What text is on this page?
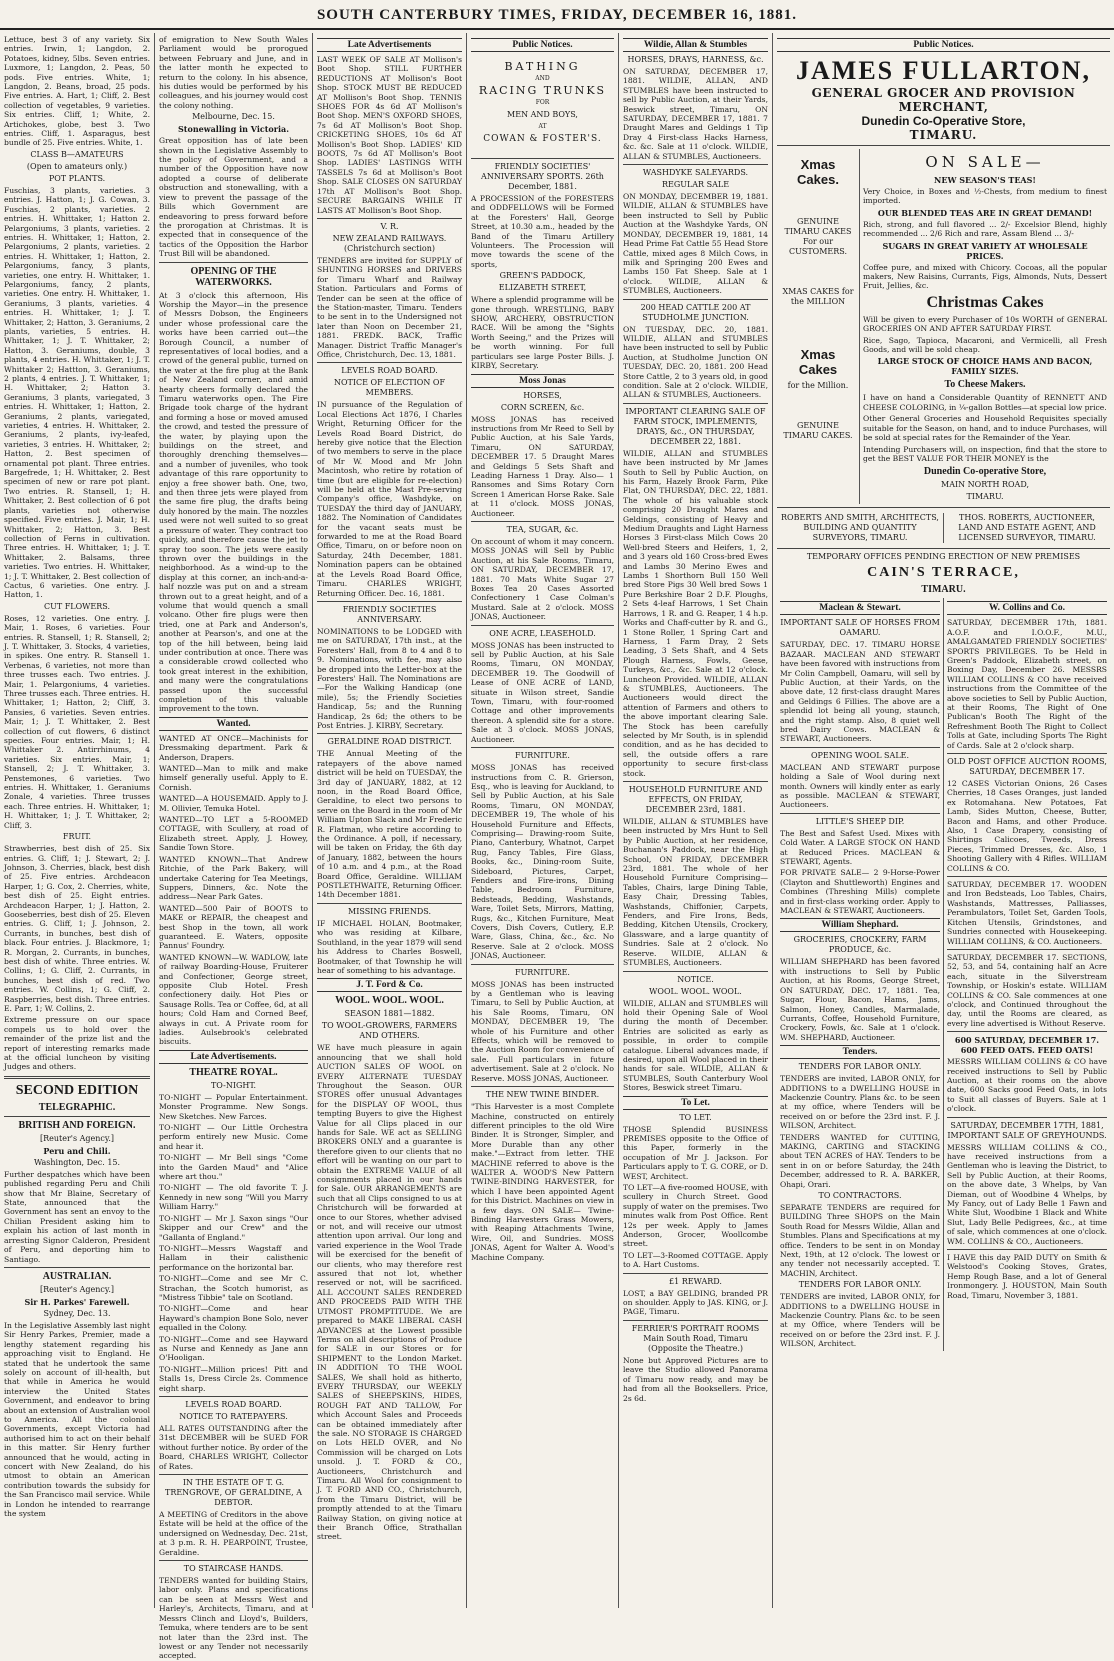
SOUTH CANTERBURY TIMES, FRIDAY, DECEMBER 16, 1881.

Lettuce, best 3 of any variety. Six entries. Irwin, 1; Langdon, 2. Potatoes, kidney, 5lbs. Seven entries. Luxmore, 1; Langdon, 2. Peas, 50 pods. Five entries. White, 1; Langdon, 2. Beans, broad, 25 pods. Five entries. A. Hart, 1; Cliff, 2. Best collection of vegetables, 9 varieties. Six entries. Cliff, 1; White, 2. Artichokes, globe, best 3. Two entries. Cliff, 1. Asparagus, best bundle of 25. Five entries. White, 1.

CLASS B—AMATEURS
(Open to amateurs only.)
POT PLANTS.

Fuschias, 3 plants, varieties. 3 entries. J. Hatton, 1; J. G. Cowan, 3. Fuschias, 2 plants, varieties. 2 entries. H. Whittaker, 1; Hatton 2. Pelargoniums, 3 plants, varieties. 2 entries. H. Whittaker, 1; Hatton, 2. Pelargoniums, 2 plants, varieties. 2 entries. H. Whittaker, 1; Hatton, 2. Pelargoniums, fancy, 3 plants, varieties, one entry. H. Whittaker, 1. Pelargoniums, fancy, 2 plants, varieties. One entry. H. Whittaker, 1. Geraniums, 3 plants, varieties. 4 entries. H. Whittaker, 1; J. T. Whittaker, 2; Hatton, 3. Geraniums, 2 plants, varieties, 5 entries. H. Whittaker, 1; J. T. Whittaker, 2; Hatton, 3. Geraniums, double, 3 plants, 4 entries. H. Whittaker, 1; J. T. Whittaker 2; Hattton, 3. Geraniums, 2 plants, 4 entries. J. T. Whittaker, 1; H. Whittaker, 2; Hatton 3. Geraniums, 3 plants, variegated, 3 entries. H. Whittaker, 1; Hatton, 2. Geraniums, 2 plants, variegated, varieties, 4 entries. H. Whittaker, 2. Geraniums, 2 plants, ivy-leafed, varieties, 3 entries. H. Whittaker, 2; Hatton, 2. Best specimen of ornamental pot plant. Three entries. Bargefrede, 1; H. Whittaker, 2. Best specimen of new or rare pot plant. Two entries. R. Stansell, 1; H. Whittaker, 2. Best collection of 6 pot plants, varieties not otherwise specified. Five entries. J. Mair, 1; H. Whittaker, 2; Hatton, 3. Best collection of Ferns in cultivation. Three entries. H. Whittaker, 1; J. T. Whittaker, 2. Balsams, three varieties. Two entries. H. Whittaker, 1; J. T. Whittaker, 2. Best collection of Cactus, 6 varieties. One entry. J. Hatton, 1.

CUT FLOWERS.

Roses, 12 varieties. One entry. J. Mair, 1. Roses, 6 varieties. Four entries. R. Stansell, 1; R. Stansell, 2; J. T. Whittaker, 3. Stocks, 4 varieties, in spikes. One entry. R. Stansell 1. Verbenas, 6 varieties, not more than three trusses each. Two entries. J. Mair, 1. Pelargoniums, 4 varieties. Three trusses each. Three entries. H. Whittaker, 1; Hatton, 2; Cliff, 3. Pansies, 6 varieties. Seven entries. Mair, 1; J. T. Whittaker, 2. Best collection of cut flowers, 6 distinct species. Four entries. Mair, 1; H. Whittaker 2. Antirrhinums, 4 varieties. Six entries. Mair, 1; Stansell, 2; J. T. Whittaker, 3. Penstemones, 6 varieties. Two entries. H. Whittaker, 1. Geraniums Zonale, 4 varieties. Three trusses each. Three entries. H. Whittaker, 1; H. Whittaker, 1; J. T. Whittaker, 2; Cliff, 3.

FRUIT.

Strawberries, best dish of 25. Six entries. G. Cliff, 1; J. Stewart, 2; J. Johnson, 3. Cherries, black, best dish of 25. Five entries. Archdeacon Harper, 1; G. Cox, 2. Cherries, white, best dish of 25. Eight entries. Archdeacon Harper, 1; J. Hatton, 2. Gooseberries, best dish of 25. Eleven entries. G. Cliff, 1; J. Johnson, 2. Currants, in bunches, best dish of black. Four entries. J. Blackmore, 1; R. Morgan, 2. Currants, in bunches, best dish of white. Three entries. W. Collins, 1; G. Cliff, 2. Currants, in bunches, best dish of red. Two entries. W. Collins, 1; G. Cliff, 2. Raspberries, best dish. Three entries. E. Parr, 1; W. Collins, 2.

Extreme pressure on our space compels us to hold over the remainder of the prize list and the report of interesting remarks made at the official luncheon by visiting Judges and others.

SECOND EDITION
TELEGRAPHIC.
BRITISH AND FOREIGN.
[Reuter's Agency.]
Peru and Chili.
Washington, Dec. 15.

Further despatches which have been published regarding Peru and Chili show that Mr Blaine, Secretary of State, announced that the Government has sent an envoy to the Chilian President asking him to explain his action of last month in arresting Signor Calderon, President of Peru, and deporting him to Santiago.

AUSTRALIAN.
[Reuter's Agency.]
Sir H. Parkes' Farewell.
Sydney, Dec. 13.

In the Legislative Assembly last night Sir Henry Parkes, Premier, made a lengthy statement regarding his approaching visit to England. He stated that he undertook the same solely on account of ill-health, but that while in America he would interview the United States Government, and endeavor to bring about an extension of Australian wool to America. All the colonial Governments, except Victoria had authorised him to act on their behalf in this matter. Sir Henry further announced that he would, acting in concert with New Zealand, do his utmost to obtain an American contribution towards the subsidy for the San Francisco mail service. While in London he intended to rearrange the system

of emigration to New South Wales Parliament would be prorogued between February and June, and in the latter month he expected to return to the colony. In his absence, his duties would be performed by his colleagues, and his journey would cost the colony nothing.

Melbourne, Dec. 15.
Stonewalling in Victoria.

Great opposition has of late been shown in the Legislative Assembly to the policy of Government, and a number of the Opposition have now adopted a course of deliberate obstruction and stonewalling, with a view to prevent the passage of the Bills which Government are endeavoring to press forward before the prorogation at Christmas. It is expected that in consequence of the tactics of the Opposition the Harbor Trust Bill will be abandoned.

OPENING OF THE WATERWORKS.

At 3 o'clock this afternoon, His Worship the Mayor—in the presence of Messrs Dobson, the Engineers under whose professional care the works have been carried out—the Borough Council, a number of representatives of local bodies, and a crowd of the general public, turned on the water at the fire plug at the Bank of New Zealand corner, and amid hearty cheers formally declared the Timaru waterworks open. The Fire Brigade took charge of the hydrant and forming a hose or moved amused the crowd, and tested the pressure of the water, by playing upon the buildings on the street, and thoroughly drenching themselves—and a number of juveniles, who took advantage of this rare opportunity to enjoy a free shower bath. One, two, and then three jets were played from the same fire plug, the drafts being duly honored by the main. The nozzles used were not well suited to so great a pressure of water. They contract too quickly, and therefore cause the jet to spray too soon. The jets were easily thrown over the buildings in the neighborhood. As a wind-up to the display at this corner, an inch-and-a-half nozzle was put on and a stream thrown out to a great height, and of a volume that would quench a small volcano. Other fire plugs were then tried, one at Park and Anderson's, another at Pearson's, and one at the top of the hill between, being laid under contribution at once. There was a considerable crowd collected who took great interest in the exhibition, and many were the congratulations passed upon the successful completion of this valuable improvement to the town.

Wanted.

WANTED AT ONCE—Machinists for Dressmaking department. Park & Anderson, Drapers.

WANTED—Man to milk and make himself generally useful. Apply to E. Cornish.

WANTED—A HOUSEMAID. Apply to J. M. Ollivier, Temuka Hotel.

WANTED—TO LET a 5-ROOMED COTTAGE, with Scullery, at road of Elizabeth street. Apply, J. Howey, Sandie Town Store.

WANTED KNOWN—That Andrew Ritchie, of the Park Bakery, will undertake Catering for Tea Meetings, Suppers, Dinners, &c. Note the address—Near Park Gates.

WANTED—500 Pair of BOOTS to MAKE or REPAIR, the cheapest and best Shop in the town, all work guaranteed. E. Waters, opposite Pannus' Foundry.

WANTED KNOWN—W. WADLOW, late of railway Boarding-House, Fruiterer and Confectioner, George street, opposite Club Hotel. Fresh confectionery daily. Hot Pies or Sausage Rolls. Tea or Coffee, 6d, at all hours; Cold Ham and Corned Beef, always in cut. A Private room for ladies. Aulsebrook's celebrated biscuits.

Late Advertisements.
THEATRE ROYAL.
TO-NIGHT.

TO-NIGHT — Popular Entertainment. Monster Programme. New Songs. New Sketches. New Farces.

TO-NIGHT — Our Little Orchestra perform entirely new Music. Come and hear it.

TO-NIGHT — Mr Bell sings "Come into the Garden Maud" and "Alice where art thou."

TO-NIGHT — The old favorite T. J. Kennedy in new song "Will you Marry William Harry."

TO-NIGHT — Mr J. Saxon sings "Our Skipper and our Crew" and the "Gallanta of England."

TO-NIGHT—Messrs Wagstaff and Hallam in their calisthenic performance on the horizontal bar.

TO-NIGHT—Come and see Mr C. Strachan, the Scotch humorist, as "Mistress Tibbie" tale on Scotland.

TO-NIGHT—Come and hear Hayward's champion Bone Solo, never equalled in the Colony.

TO-NIGHT—Come and see Hayward as Nurse and Kennedy as Jane ann O'Hooligan.

TO-NIGHT—Million prices! Pitt and Stalls 1s, Dress Circle 2s. Commence eight sharp.

LEVELS ROAD BOARD.
NOTICE TO RATEPAYERS.

ALL RATES OUTSTANDING after the 31st DECEMBER will be SUED FOR without further notice. By order of the Board, CHARLES WRIGHT, Collector of Rates.

IN THE ESTATE OF T. G. TRENGROVE, OF GERALDINE, A DEBTOR.

A MEETING of Creditors in the above Estate will be held at the office of the undersigned on Wednesday, Dec. 21st, at 3 p.m. R. H. PEARPOINT, Trustee, Geraldine.

TO STAIRCASE HANDS.

TENDERS wanted for building Stairs, labor only. Plans and specifications can be seen at Messrs West and Harley's, Architects, Timaru, and at Messrs Clinch and Lloyd's, Builders, Temuka, where tenders are to be sent not later than the 23rd inst. The lowest or any Tender not necessarily accepted.

Late Advertisements

LAST WEEK OF SALE AT Mollison's Boot Shop. STILL FURTHER REDUCTIONS AT Mollison's Boot Shop. STOCK MUST BE REDUCED AT Mollison's Boot Shop. TENNIS SHOES FOR 4s 6d AT Mollison's Boot Shop. MEN'S OXFORD SHOES, 7s 6d AT Mollison's Boot Shop. CRICKETING SHOES, 10s 6d AT Mollison's Boot Shop. LADIES' KID BOOTS, 7s 6d AT Mollison's Boot Shop. LADIES' LASTINGS WITH TASSELS 7s 6d at Mollison's Boot Shop. SALE CLOSES ON SATURDAY 17th AT Mollison's Boot Shop. SECURE BARGAINS WHILE IT LASTS AT Mollison's Boot Shop.

V. R.
NEW ZEALAND RAILWAYS. (Christchurch section)

TENDERS are invited for SUPPLY of SHUNTING HORSES and DRIVERS for Timaru Wharf and Railway Station. Particulars and Forms of Tender can be seen at the office of the Station-master, Timaru. Tenders to be sent in to the Undersigned not later than Noon on December 21, 1881. FREDK. BACK, Traffic Manager. District Traffic Manager's Office, Christchurch, Dec. 13, 1881.

LEVELS ROAD BOARD.
NOTICE OF ELECTION OF MEMBERS.

IN pursuance of the Regulation of Local Elections Act 1876, I Charles Wright, Returning Officer for the Levels Road Board District, do hereby give notice that the Election of two members to serve in the place of Mr W. Mood and Mr John Macintosh, who retire by rotation of time (but are eligible for re-election) will be held at the Mast Pre-serving Company's office, Washdyke, on TUESDAY the third day of JANUARY, 1882. The Nomination of Candidates for the vacant seats must be forwarded to me at the Road Board Office, Timaru, on or before noon on Saturday, 24th December, 1881. Nomination papers can be obtained at the Levels Road Board Office, Timaru. CHARLES WRIGHT, Returning Officer. Dec. 16, 1881.

FRIENDLY SOCIETIES ANNIVERSARY.

NOMINATIONS to be LODGED with me on SATURDAY, 17th inst., at the Foresters' Hall, from 8 to 4 and 8 to 9. Nominations, with fee, may also be dropped into the Letter-box at the Foresters' Hall. The Nominations are—For the Walking Handicap (one mile), 5s; the Friendly Societies Handicap, 5s; and the Running Handicap, 2s 6d; the others to be Post Entries. J. KIRBY, Secretary.

GERALDINE ROAD DISTRICT.

THE Annual Meeting of the ratepayers of the above named district will be held on TUESDAY, the 3rd day of JANUARY, 1882, at 12 noon, in the Road Board Office, Geraldine, to elect two persons to serve on the Board in the room of Mr William Upton Slack and Mr Frederic R. Flatman, who retire according to the Ordinance. A poll, if necessary, will be taken on Friday, the 6th day of January, 1882, between the hours of 10 a.m. and 4 p.m., at the Road Board Office, Geraldine. WILLIAM POSTLETHWAITE, Returning Officer. 14th December 1881.

MISSING FRIENDS.

IF MICHAEL HOLAN, Bootmaker, who was residing at Kilbare, Southland, in the year 1879 will send his Address to Charles Boswell, Bootmaker, of that Township he will hear of something to his advantage.

J. T. Ford & Co.
WOOL. WOOL. WOOL.
SEASON 1881—1882.
TO WOOL-GROWERS, FARMERS AND OTHERS.

WE have much pleasure in again announcing that we shall hold AUCTION SALES OF WOOL on EVERY ALTERNATE TUESDAY Throughout the Season. OUR STORES offer unusual Advantages for the DISPLAY OF WOOL, thus tempting Buyers to give the Highest Value for all Clips placed in our hands for Sale. WE act as SELLING BROKERS ONLY and a guarantee is therefore given to our clients that no effort will be wanting on our part to obtain the EXTREME VALUE of all consignments placed in our hands for Sale. OUR ARRANGEMENTS are such that all Clips consigned to us at Christchurch will be forwarded at once to our Stores, whether advised or not, and will receive our utmost attention upon arrival. Our long and varied experience in the Wool Trade will be exercised for the benefit of our clients, who may therefore rest assured that not lot, whether reserved or not, will be sacrificed. ALL ACCOUNT SALES RENDERED AND PROCEEDS PAID WITH THE UTMOST PROMPTITUDE. We are prepared to MAKE LIBERAL CASH ADVANCES at the Lowest possible Terms on all descriptions of Produce for SALE in our Stores or for SHIPMENT to the London Market. IN ADDITION TO THE WOOL SALES, We shall hold as hitherto, EVERY THURSDAY, our WEEKLY SALES of SHEEPSKINS, HIDES, ROUGH FAT AND TALLOW, For which Account Sales and Proceeds can be obtained immediately after the sale. NO STORAGE IS CHARGED on Lots HELD OVER, and No Commission will be charged on Lots unsold. J. T. FORD & CO., Auctioneers, Christchurch and Timaru. All Wool for consignment to J. T. FORD AND CO., Christchurch, from the Timaru District, will be promptly attended to at the Timaru Railway Station, on giving notice at their Branch Office, Strathallan street.

Public Notices.
BATHING
AND
RACING TRUNKS
FOR
MEN AND BOYS,
AT
COWAN & FOSTER'S.
FRIENDLY SOCIETIES' ANNIVERSARY SPORTS. 26th December, 1881.

A PROCESSION of the FORESTERS and ODDFELLOWS will be Formed at the Foresters' Hall, George Street, at 10.30 a.m., headed by the Band of the Timaru Artillery Volunteers. The Procession will move towards the scene of the sports,

GREEN'S PADDOCK,
ELIZABETH STREET,

Where a splendid programme will be gone through. WRESTLING, BABY SHOW, ARCHERY, OBSTRUCTION RACE. Will be among the "Sights Worth Seeing," and the Prizes will be worth winning. For full particulars see large Poster Bills. J. KIRBY, Secretary.

Moss Jonas
HORSES,
CORN SCREEN, &c.

MOSS JONAS has received instructions from Mr Reed to Sell by Public Auction, at his Sale Yards, Timaru, ON SATURDAY, DECEMBER 17. 5 Draught Mares and Geldings 5 Sets Shaft and Leading Harness 1 Dray. Also— 1 Ransomes and Sims Rotary Corn Screen 1 American Horse Rake. Sale at 11 o'clock. MOSS JONAS, Auctioneer.

TEA, SUGAR, &c.

On account of whom it may concern. MOSS JONAS will Sell by Public Auction, at his Sale Rooms, Timaru, ON SATURDAY, DECEMBER 17, 1881. 70 Mats White Sugar 27 Boxes Tea 20 Cases Assorted Confectionery 1 Case Colman's Mustard. Sale at 2 o'clock. MOSS JONAS, Auctioneer.

ONE ACRE, LEASEHOLD.

MOSS JONAS has been instructed to sell by Public Auction, at his Sale Rooms, Timaru, ON MONDAY, DECEMBER 19. The Goodwill of Lease of ONE ACRE of LAND, situate in Wilson street, Sandie Town, Timaru, with four-roomed Cottage and other improvements thereon. A splendid site for a store. Sale at 3 o'clock. MOSS JONAS, Auctioneer.

FURNITURE.

MOSS JONAS has received instructions from C. R. Grierson, Esq., who is leaving for Auckland, to Sell by Public Auction, at his Sale Rooms, Timaru, ON MONDAY, DECEMBER 19, The whole of his Household Furniture and Effects, Comprising— Drawing-room Suite, Piano, Canterbury, Whatnot, Carpet Rug, Fancy Tables, Fire Glass, Books, &c., Dining-room Suite, Sideboard, Pictures, Carpet, Fenders and Fire-irons, Dining Table, Bedroom Furniture, Bedsteads, Bedding, Washstands, Ware, Toilet Sets, Mirrors, Matting, Rugs, &c., Kitchen Furniture, Meat Covers, Dish Covers, Cutlery, E.P. Ware, Glass, China, &c., &c. No Reserve. Sale at 2 o'clock. MOSS JONAS, Auctioneer.

FURNITURE.

MOSS JONAS has been instructed by a Gentleman who is leaving Timaru, to Sell by Public Auction, at his Sale Rooms, Timaru, ON MONDAY, DECEMBER 19, The whole of his Furniture and other Effects, which will be removed to the Auction Room for convenience of sale. Full particulars in future advertisement. Sale at 2 o'clock. No Reserve. MOSS JONAS, Auctioneer.

THE NEW TWINE BINDER.

"This Harvester is a most Complete Machine, constructed on entirely different principles to the old Wire Binder. It is Stronger, Simpler, and More Durable than any other make."—Extract from letter. THE MACHINE referred to above is the WALTER A. WOOD'S New Pattern TWINE-BINDING HARVESTER, for which I have been appointed Agent for this District. Machines on view in a few days. ON SALE— Twine-Binding Harvesters Grass Mowers, with Reaping Attachments Twine, Wire, Oil, and Sundries. MOSS JONAS, Agent for Walter A. Wood's Machine Company.

Wildie, Allan & Stumbles
HORSES, DRAYS, HARNESS, &c.

ON SATURDAY, DECEMBER 17, 1881. WILDIE, ALLAN, AND STUMBLES have been instructed to sell by Public Auction, at their Yards, Beswick street, Timaru, ON SATURDAY, DECEMBER 17, 1881. 7 Draught Mares and Geldings 1 Tip Dray 4 First-class Hacks Harness, &c. &c. Sale at 11 o'clock. WILDIE, ALLAN & STUMBLES, Auctioneers.

WASHDYKE SALEYARDS.
REGULAR SALE

ON MONDAY, DECEMBER 19, 1881. WILDIE, ALLAN & STUMBLES have been instructed to Sell by Public Auction at the Washdyke Yards, ON MONDAY, DECEMBER 19, 1881, 14 Head Prime Fat Cattle 55 Head Store Cattle, mixed ages 8 Milch Cows, in milk and Springing 200 Ewes and Lambs 150 Fat Sheep. Sale at 1 o'clock. WILDIE, ALLAN & STUMBLES, Auctioneers.

200 HEAD CATTLE 200 AT STUDHOLME JUNCTION.

ON TUESDAY, DEC. 20, 1881. WILDIE, ALLAN and STUMBLES have been instructed to sell by Public Auction, at Studholme Junction ON TUESDAY, DEC. 20, 1881. 200 Head Store Cattle, 2 to 3 years old, in good condition. Sale at 2 o'clock. WILDIE, ALLAN & STUMBLES, Auctioneers.

IMPORTANT CLEARING SALE OF FARM STOCK, IMPLEMENTS, DRAYS, &c., ON THURSDAY, DECEMBER 22, 1881.

WILDIE, ALLAN and STUMBLES have been instructed by Mr James South to Sell by Public Auction, on his Farm, Hazely Brook Farm, Pike Flat, ON THURSDAY, DEC. 22, 1881. The whole of his valuable stock comprising 20 Draught Mares and Geldings, consisting of Heavy and Medium Draughts and Light Harness Horses 3 First-class Milch Cows 20 Well-bred Steers and Heifers, 1, 2, and 3 years old 160 Cross-bred Ewes and Lambs 30 Merino Ewes and Lambs 1 Shorthorn Bull 150 Well bred Store Pigs 30 Well bred Sows 1 Pure Berkshire Boar 2 D.F. Ploughs, 2 Sets 4-leaf Harrows, 1 Set Chain Harrows, 1 R. and G. Reaper, 1 4 h.p. Works and Chaff-cutter by R. and G., 1 Stone Roller, 1 Spring Cart and Harness, 1 Farm Dray, 2 Sets Leading, 3 Sets Shaft, and 4 Sets Plough Harness, Fowls, Geese, Turkeys, &c., &c. Sale at 12 o'clock. Luncheon Provided. WILDIE, ALLAN & STUMBLES, Auctioneers. The Auctioneers would direct the attention of Farmers and others to the above important clearing Sale. The Stock has been carefully selected by Mr South, is in splendid condition, and as he has decided to sell, the outside offers a rare opportunity to secure first-class stock.

HOUSEHOLD FURNITURE AND EFFECTS, ON FRIDAY, DECEMBER 23rd, 1881.

WILDIE, ALLAN & STUMBLES have been instructed by Mrs Hunt to Sell by Public Auction, at her residence, Buchanan's Paddock, near the High School, ON FRIDAY, DECEMBER 23rd, 1881. The whole of her Household Furniture Comprising— Tables, Chairs, large Dining Table, Easy Chair, Dressing Tables, Washstands, Chiffonier, Carpets, Fenders, and Fire Irons, Beds, Bedding, Kitchen Utensils, Crockery, Glassware, and a large quantity of Sundries. Sale at 2 o'clock. No Reserve. WILDIE, ALLAN & STUMBLES, Auctioneers.

NOTICE.
WOOL. WOOL. WOOL.

WILDIE, ALLAN and STUMBLES will hold their Opening Sale of Wool during the month of December. Entries are solicited as early as possible, in order to compile catalogue. Liberal advances made, if desired, upon all Wool placed in their hands for sale. WILDIE, ALLAN & STUMBLES, South Canterbury Wool Stores, Beswick street Timaru.

To Let.
TO LET.

THOSE Splendid BUSINESS PREMISES opposite to the Office of this Paper, formerly in the occupation of Mr J. Jackson. For Particulars apply to T. G. CORE, or D. WEST, Architect.

TO LET—A five-roomed HOUSE, with scullery in Church Street. Good supply of water on the premises. Two minutes walk from Post Office. Rent 12s per week. Apply to James Anderson, Grocer, Woollcombe street.

TO LET—3-Roomed COTTAGE. Apply to A. Hart Customs.

£1 REWARD.

LOST, a BAY GELDING, branded PR on shoulder. Apply to JAS. KING, or J. PAGE, Timaru.

FERRIER'S PORTRAIT ROOMS Main South Road, Timaru (Opposite the Theatre.)

None but Approved Pictures are to leave the Studio allowed Panorama of Timaru now ready, and may be had from all the Booksellers. Price, 2s 6d.

Public Notices.
JAMES FULLARTON,
GENERAL GROCER AND PROVISION MERCHANT,
Dunedin Co-Operative Store,
TIMARU.
Xmas Cakes.
GENUINE TIMARU CAKES For our CUSTOMERS.
XMAS CAKES for the MILLION
Xmas Cakes
for the Million.
GENUINE TIMARU CAKES.
ON SALE—
NEW SEASON'S TEAS!

Very Choice, in Boxes and ½-Chests, from medium to finest imported.

OUR BLENDED TEAS ARE IN GREAT DEMAND!

Rich, strong, and full flavored ... 2/- Excelsior Blend, highly recommended ... 2/6 Rich and rare, Assam Blend ... 3/-

SUGARS IN GREAT VARIETY AT WHOLESALE PRICES.

Coffee pure, and mixed with Chicory. Cocoas, all the popular makers, New Raisins, Currants, Figs, Almonds, Nuts, Dessert Fruit, Jellies, &c.

Christmas Cakes

Will be given to every Purchaser of 10s WORTH of GENERAL GROCERIES ON AND AFTER SATURDAY FIRST.

Rice, Sago, Tapioca, Macaroni, and Vermicelli, all Fresh Goods, and will be sold cheap.

LARGE STOCK OF CHOICE HAMS AND BACON, FAMILY SIZES.
To Cheese Makers.

I have on hand a Considerable Quantity of RENNETT AND CHEESE COLORING, in ¼-gallon Bottles—at special low price.

Other General Groceries and Household Requisites specially suitable for the Season, on hand, and to induce Purchases, will be sold at special rates for the Remainder of the Year.

Intending Purchasers will, on inspection, find that the store to get the BEST VALUE FOR THEIR MONEY is the

Dunedin Co-operative Store,
MAIN NORTH ROAD,
TIMARU.
ROBERTS AND SMITH, ARCHITECTS, BUILDING AND QUANTITY SURVEYORS, TIMARU.
THOS. ROBERTS, AUCTIONEER, LAND AND ESTATE AGENT, AND LICENSED SURVEYOR, TIMARU.
TEMPORARY OFFICES PENDING ERECTION OF NEW PREMISES
CAIN'S TERRACE,
TIMARU.
Maclean & Stewart.
IMPORTANT SALE OF HORSES FROM OAMARU.

SATURDAY, DEC. 17. TIMARU HORSE BAZAAR. MACLEAN AND STEWART have been favored with instructions from Mr Colin Campbell, Oamaru, will sell by Public Auction, at their Yards, on the above date, 12 first-class draught Mares and Geldings 6 Fillies. The above are a splendid lot being all young, staunch, and the right stamp. Also, 8 quiet well bred Dairy Cows. MACLEAN & STEWART, Auctioneers.

OPENING WOOL SALE.

MACLEAN AND STEWART purpose holding a Sale of Wool during next month. Owners will kindly enter as early as possible. MACLEAN & STEWART, Auctioneers.

LITTLE'S SHEEP DIP.

The Best and Safest Used. Mixes with Cold Water. A LARGE STOCK ON HAND at Reduced Prices. MACLEAN & STEWART, Agents.

FOR PRIVATE SALE— 2 9-Horse-Power (Clayton and Shuttleworth) Engines and Combines (Threshing Mills) complete and in first-class working order. Apply to MACLEAN & STEWART, Auctioneers.

William Shephard.
GROCERIES, CROCKERY, FARM PRODUCE, &c.

WILLIAM SHEPHARD has been favored with instructions to Sell by Public Auction, at his Rooms, George Street, ON SATURDAY, DEC. 17, 1881. Tea, Sugar, Flour, Bacon, Hams, Jams, Salmon, Honey, Candles, Marmalade, Currants, Coffee, Household Furniture, Crockery, Fowls, &c. Sale at 1 o'clock. WM. SHEPHARD, Auctioneer.

Tenders.
TENDERS FOR LABOR ONLY.

TENDERS are invited, LABOR ONLY, for ADDITIONS to a DWELLING HOUSE in Mackenzie Country. Plans &c. to be seen at my office, where Tenders will be received on or before the 23rd inst. F. J. WILSON, Architect.

TENDERS WANTED for CUTTING, MAKING, CARTING and STACKING about TEN ACRES of HAY. Tenders to be sent in on or before Saturday, the 24th December, addressed to R. A. BARKER, Ohapi, Orari.

TO CONTRACTORS.

SEPARATE TENDERS are required for BUILDING Three SHOPS on the Main South Road for Messrs Wildie, Allan and Stumbles. Plans and Specifications at my office. Tenders to be sent in on Monday Next, 19th, at 12 o'clock. The lowest or any tender not necessarily accepted. T. MACHIN, Architect.

TENDERS FOR LABOR ONLY.

TENDERS are invited, LABOR ONLY, for ADDITIONS to a DWELLING HOUSE in Mackenzie Country. Plans &c. to be seen at my Office, where Tenders will be received on or before the 23rd inst. F. J. WILSON, Architect.

W. Collins and Co.

SATURDAY, DECEMBER 17th, 1881. A.O.F. and I.O.O.F., M.U., AMALGAMATED FRIENDLY SOCIETIES' SPORTS PRIVILEGES. To be Held in Green's Paddock, Elizabeth street, on Boxing Day, December 26. MESSRS WILLIAM COLLINS & CO have received instructions from the Committee of the above societies to Sell by Public Auction, at their Rooms, The Right of One Publican's Booth The Right of the Refreshment Booth The Right to Collect Tolls at Gate, including Sports The Right of Cards. Sale at 2 o'clock sharp.

OLD POST OFFICE AUCTION ROOMS, SATURDAY, DECEMBER 17.

12 CASES Victorian Onions, 26 Cases Cherries, 18 Cases Oranges, just landed ex Rotomahana. New Potatoes, Fat Lamb, Sides Mutton, Cheese, Butter, Bacon and Hams, and other Produce. Also, 1 Case Drapery, consisting of Shirtings Calicoes, Tweeds, Dress Pieces, Trimmed Dresses, &c. Also, 1 Shooting Gallery with 4 Rifles. WILLIAM COLLINS & CO.

SATURDAY, DECEMBER 17. WOODEN and Iron Bedsteads, Loo Tables, Chairs, Washstands, Mattresses, Palliasses, Perambulators, Toilet Set, Garden Tools, Kitchen Utensils, Grindstones, and Sundries connected with Housekeeping. WILLIAM COLLINS, & CO. Auctioneers.

SATURDAY, DECEMBER 17. SECTIONS, 52, 53, and 54, containing half an Acre each, situate in the Silverstream Township, or Hoskin's estate. WILLIAM COLLINS & CO. Sale commences at one o'clock, and Continued throughout the day, until the Rooms are cleared, as every line advertised is Without Reserve.

600 SATURDAY, DECEMBER 17. 600 FEED OATS. FEED OATS!

MESSRS WILLIAM COLLINS & CO have received instructions to Sell by Public Auction, at their rooms on the above date, 600 Sacks good Feed Oats, in lots to Suit all classes of Buyers. Sale at 1 o'clock.

SATURDAY, DECEMBER 17TH, 1881, IMPORTANT SALE OF GREYHOUNDS.

MESSRS WILLIAM COLLINS & CO., have received instructions from a Gentleman who is leaving the District, to Sell by Public Auction, at their Rooms, on the above date, 3 Whelps, by Van Dieman, out of Woodbine 4 Whelps, by My Fancy, out of Lady Belle 1 Fawn and White Slut, Woodbine 1 Black and White Slut, Lady Belle Pedigrees, &c., at time of sale, which commences at one o'clock. WM. COLLINS & CO., Auctioneers.

I HAVE this day PAID DUTY on Smith & Welstood's Cooking Stoves, Grates, Hemp Rough Base, and a lot of General Ironmongery. J. HOUSTON, Main South Road, Timaru, November 3, 1881.
